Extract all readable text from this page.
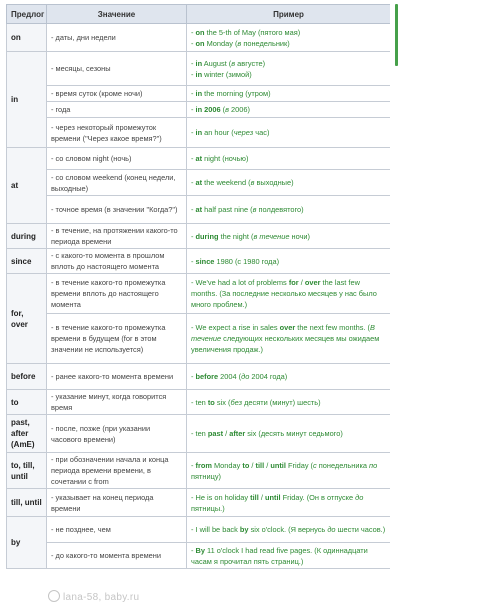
Предлог	Значение	Пример
on	- даты, дни недели	- on the 5-th of May (пятого мая)
- on Monday (в понедельник)

in	- месяцы, сезоны	- in August (в августе)
- in winter (зимой)

	- время суток (кроме ночи)	- in the morning (утром)

	- года	- in 2006 (в 2006)

	- через некоторый промежуток времени ("Через какое время?")	- in an hour (через час)

at	- со словом night (ночь)	- at night (ночью)

	- со словом weekend (конец недели, выходные)	- at the weekend (в выходные)

	- точное время (в значении "Когда?")	- at half past nine (в полдевятого)

during	- в течение, на протяжении какого-то периода времени	- during the night (в течение ночи)

since	- с какого-то момента в прошлом вплоть до настоящего момента	- since 1980 (с 1980 года)

for, over	- в течение какого-то промежутка времени вплоть до настоящего момента	- We've had a lot of problems for / over the last few months. (За последние несколько месяцев у нас было много проблем.)

	- в течение какого-то промежутка времени в будущем (for в этом значении не используется)	- We expect a rise in sales over the next few months. (В течение следующих нескольких месяцев мы ожидаем увеличения продаж.)

before	- ранее какого-то момента времени	- before 2004 (до 2004 года)

to	- указание минут, когда говорится время	- ten to six (без десяти (минут) шесть)

past, after (AmE)	- после, позже (при указании часового времени)	- ten past / after six (десять минут седьмого)

to, till, until	- при обозначении начала и конца периода времени времени, в сочетании с from	- from Monday to / till / until Friday (с понедельника по пятницу)

till, until	- указывает на конец периода времени	- He is on holiday till / until Friday. (Он в отпуске до пятницы.)

by	- не позднее, чем	- I will be back by six o'clock. (Я вернусь до шести часов.)

	- до какого-то момента времени	- By 11 o'clock I had read five pages. (К одиннадцати часам я прочитал пять страниц.)
lana-58, baby.ru
